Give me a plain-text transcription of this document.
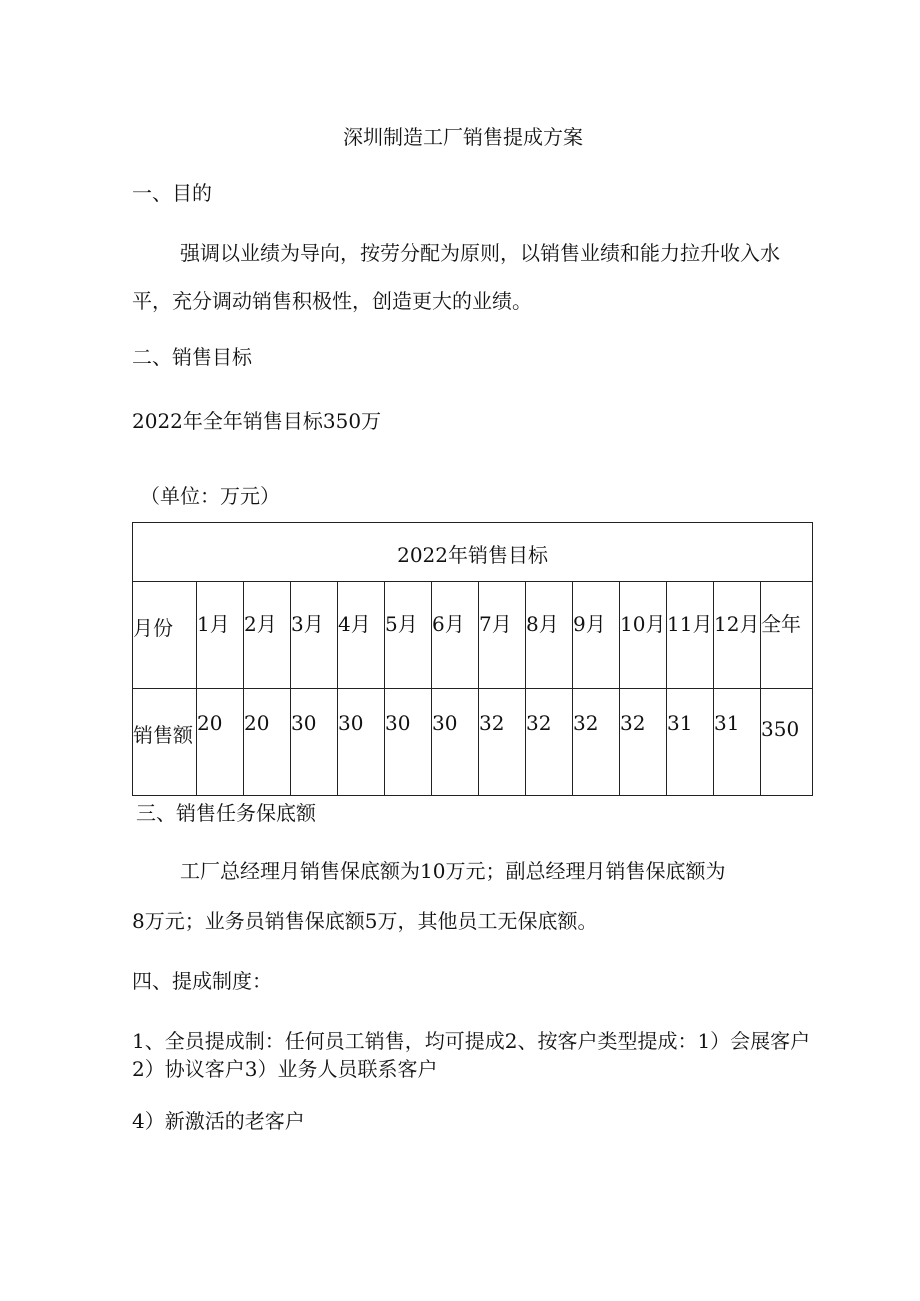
深圳制造工厂销售提成方案
一、目的
强调以业绩为导向，按劳分配为原则，以销售业绩和能力拉升收入水
平，充分调动销售积极性，创造更大的业绩。
二、销售目标
2022年全年销售目标350万
（单位：万元）
2022年销售目标													

月份	1月	2月	3月	4月	5月	6月	7月	8月	9月	10月	11月	12月	全年

销售额	20	20	30	30	30	30	32	32	32	32	31	31	350
三、销售任务保底额
工厂总经理月销售保底额为10万元；副总经理月销售保底额为
8万元；业务员销售保底额5万，其他员工无保底额。
四、提成制度：
1、全员提成制：任何员工销售，均可提成2、按客户类型提成：1）会展客户
2）协议客户3）业务人员联系客户
4）新激活的老客户
